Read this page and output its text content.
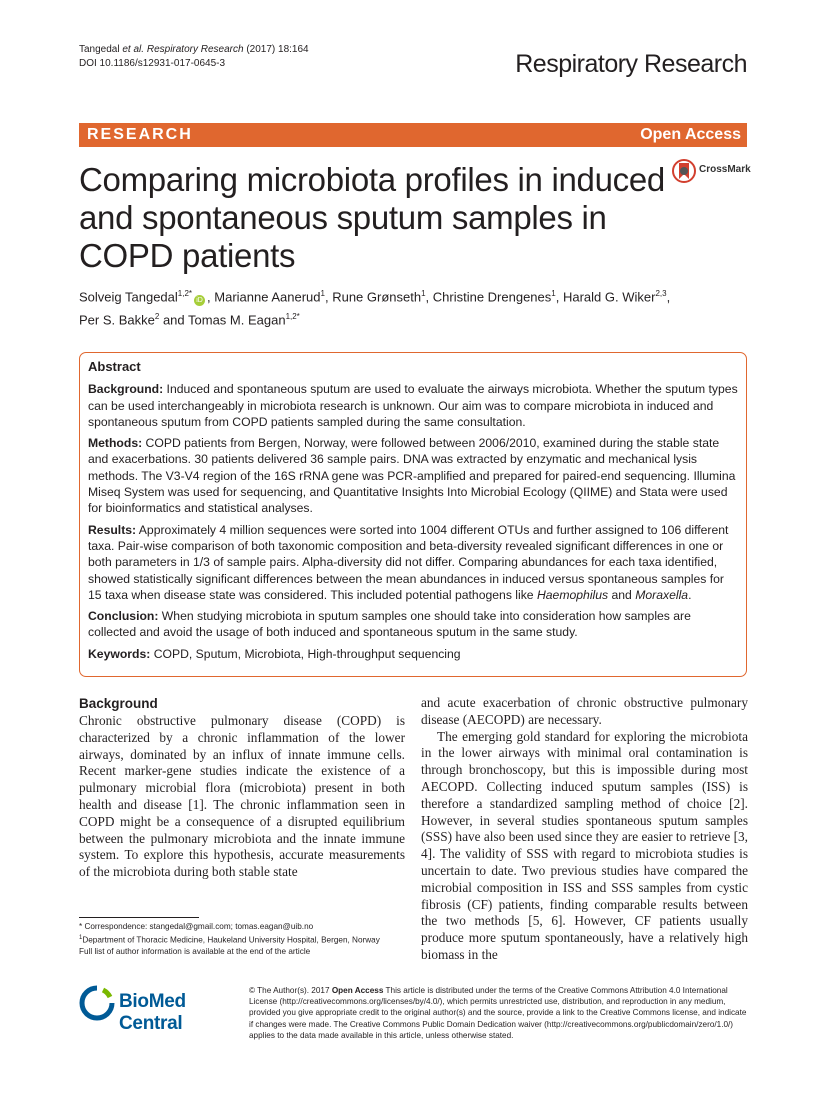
Tangedal et al. Respiratory Research (2017) 18:164
DOI 10.1186/s12931-017-0645-3	Respiratory Research
RESEARCH	Open Access
Comparing microbiota profiles in induced and spontaneous sputum samples in COPD patients
CrossMark
Solveig Tangedal$^{1,2*}$iD , Marianne Aanerud$^1$, Rune Grønseth$^1$, Christine Drengenes$^1$, Harald G. Wiker$^{2,3}$,
Per S. Bakke$^2$ and Tomas M. Eagan$^{1,2*}$
Abstract

Background: Induced and spontaneous sputum are used to evaluate the airways microbiota. Whether the sputum types can be used interchangeably in microbiota research is unknown. Our aim was to compare microbiota in induced and spontaneous sputum from COPD patients sampled during the same consultation.

Methods: COPD patients from Bergen, Norway, were followed between 2006/2010, examined during the stable state and exacerbations. 30 patients delivered 36 sample pairs. DNA was extracted by enzymatic and mechanical lysis methods. The V3-V4 region of the 16S rRNA gene was PCR-amplified and prepared for paired-end sequencing. Illumina Miseq System was used for sequencing, and Quantitative Insights Into Microbial Ecology (QIIME) and Stata were used for bioinformatics and statistical analyses.

Results: Approximately 4 million sequences were sorted into 1004 different OTUs and further assigned to 106 different taxa. Pair-wise comparison of both taxonomic composition and beta-diversity revealed significant differences in one or both parameters in 1/3 of sample pairs. Alpha-diversity did not differ. Comparing abundances for each taxa identified, showed statistically significant differences between the mean abundances in induced versus spontaneous samples for 15 taxa when disease state was considered. This included potential pathogens like Haemophilus and Moraxella.

Conclusion: When studying microbiota in sputum samples one should take into consideration how samples are collected and avoid the usage of both induced and spontaneous sputum in the same study.

Keywords: COPD, Sputum, Microbiota, High-throughput sequencing

Background

Chronic obstructive pulmonary disease (COPD) is characterized by a chronic inflammation of the lower airways, dominated by an influx of innate immune cells. Recent marker-gene studies indicate the existence of a pulmonary microbial flora (microbiota) present in both health and disease [1]. The chronic inflammation seen in COPD might be a consequence of a disrupted equilibrium between the pulmonary microbiota and the innate immune system. To explore this hypothesis, accurate measurements of the microbiota during both stable state

and acute exacerbation of chronic obstructive pulmonary disease (AECOPD) are necessary.

The emerging gold standard for exploring the microbiota in the lower airways with minimal oral contamination is through bronchoscopy, but this is impossible during most AECOPD. Collecting induced sputum samples (ISS) is therefore a standardized sampling method of choice [2]. However, in several studies spontaneous sputum samples (SSS) have also been used since they are easier to retrieve [3, 4]. The validity of SSS with regard to microbiota studies is uncertain to date. Two previous studies have compared the microbial composition in ISS and SSS samples from cystic fibrosis (CF) patients, finding comparable results between the two methods [5, 6]. However, CF patients usually produce more sputum spontaneously, have a relatively high biomass in the

* Correspondence: stangedal@gmail.com; tomas.eagan@uib.no
$^1$Department of Thoracic Medicine, Haukeland University Hospital, Bergen, Norway
Full list of author information is available at the end of the article
BioMed Central
© The Author(s). 2017 Open Access This article is distributed under the terms of the Creative Commons Attribution 4.0 International License (http://creativecommons.org/licenses/by/4.0/), which permits unrestricted use, distribution, and reproduction in any medium, provided you give appropriate credit to the original author(s) and the source, provide a link to the Creative Commons license, and indicate if changes were made. The Creative Commons Public Domain Dedication waiver (http://creativecommons.org/publicdomain/zero/1.0/) applies to the data made available in this article, unless otherwise stated.
